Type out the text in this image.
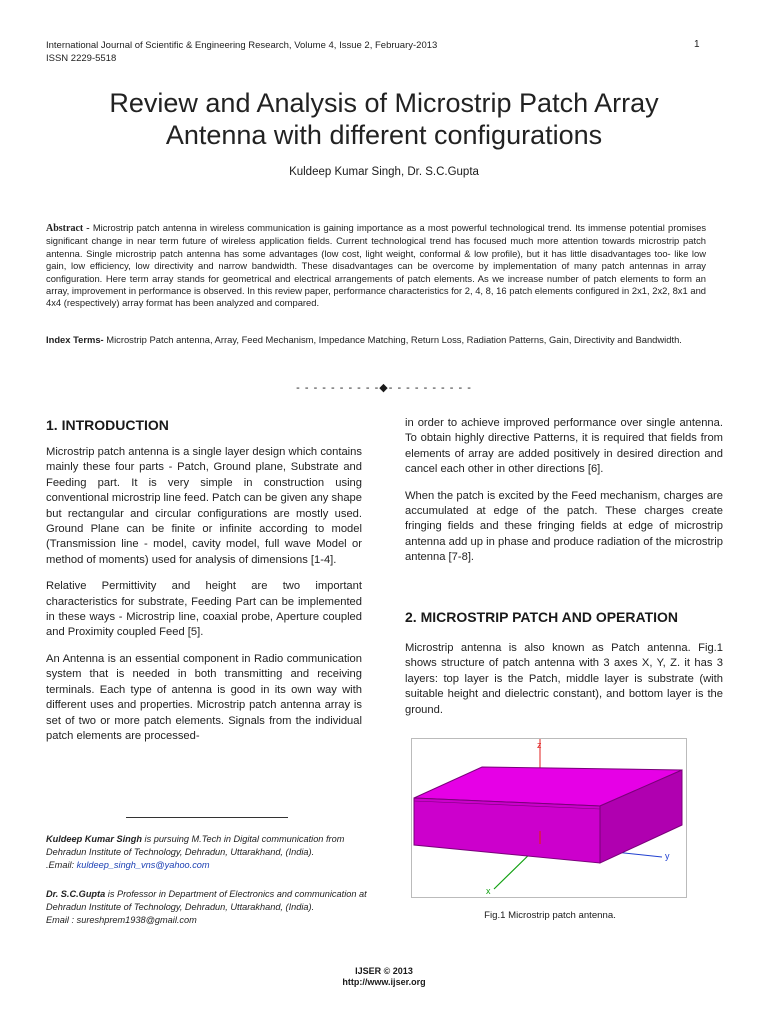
International Journal of Scientific & Engineering Research, Volume 4, Issue 2, February-2013
ISSN 2229-5518
1
Review and Analysis of Microstrip Patch Array
Antenna with different configurations
Kuldeep Kumar Singh, Dr. S.C.Gupta
Abstract - Microstrip patch antenna in wireless communication is gaining importance as a most powerful technological trend. Its immense potential promises significant change in near term future of wireless application fields. Current technological trend has focused much more attention towards microstrip patch antenna. Single microstrip patch antenna has some advantages (low cost, light weight, conformal & low profile), but it has little disadvantages too- like low gain, low efficiency, low directivity and narrow bandwidth. These disadvantages can be overcome by implementation of many patch antennas in array configuration. Here term array stands for geometrical and electrical arrangements of patch elements. As we increase number of patch elements to form an array, improvement in performance is observed. In this review paper, performance characteristics for 2, 4, 8, 16 patch elements configured in 2x1, 2x2, 8x1 and 4x4 (respectively) array format has been analyzed and compared.
Index Terms- Microstrip Patch antenna, Array, Feed Mechanism, Impedance Matching, Return Loss, Radiation Patterns, Gain, Directivity and Bandwidth.
- - - - - - - - - -◆- - - - - - - - - -
1. INTRODUCTION

Microstrip patch antenna is a single layer design which contains mainly these four parts - Patch, Ground plane, Substrate and Feeding part. It is very simple in construction using conventional microstrip line feed. Patch can be given any shape but rectangular and circular configurations are mostly used. Ground Plane can be finite or infinite according to model (Transmission line - model, cavity model, full wave Model or method of moments) used for analysis of dimensions [1-4].

Relative Permittivity and height are two important characteristics for substrate, Feeding Part can be implemented in these ways - Microstrip line, coaxial probe, Aperture coupled and Proximity coupled Feed [5].

An Antenna is an essential component in Radio communication system that is needed in both transmitting and receiving terminals. Each type of antenna is good in its own way with different uses and properties. Microstrip patch antenna array is set of two or more patch elements. Signals from the individual patch elements are processed-

Kuldeep Kumar Singh is pursuing M.Tech in Digital communication from Dehradun Institute of Technology, Dehradun, Uttarakhand, (India).
.Email: kuldeep_singh_vns@yahoo.com
Dr. S.C.Gupta is Professor in Department of Electronics and communication at Dehradun Institute of Technology, Dehradun, Uttarakhand, (India).
Email : sureshprem1938@gmail.com

in order to achieve improved performance over single antenna. To obtain highly directive Patterns, it is required that fields from elements of array are added positively in desired direction and cancel each other in other directions [6].

When the patch is excited by the Feed mechanism, charges are accumulated at edge of the patch. These charges create fringing fields and these fringing fields at edge of microstrip antenna add up in phase and produce radiation of the microstrip antenna [7-8].

2. MICROSTRIP PATCH AND OPERATION

Microstrip antenna is also known as Patch antenna. Fig.1 shows structure of patch antenna with 3 axes X, Y, Z. it has 3 layers: top layer is the Patch, middle layer is substrate (with suitable height and dielectric constant), and bottom layer is the ground.

z
y
x
Fig.1 Microstrip patch antenna.
IJSER © 2013
http://www.ijser.org
